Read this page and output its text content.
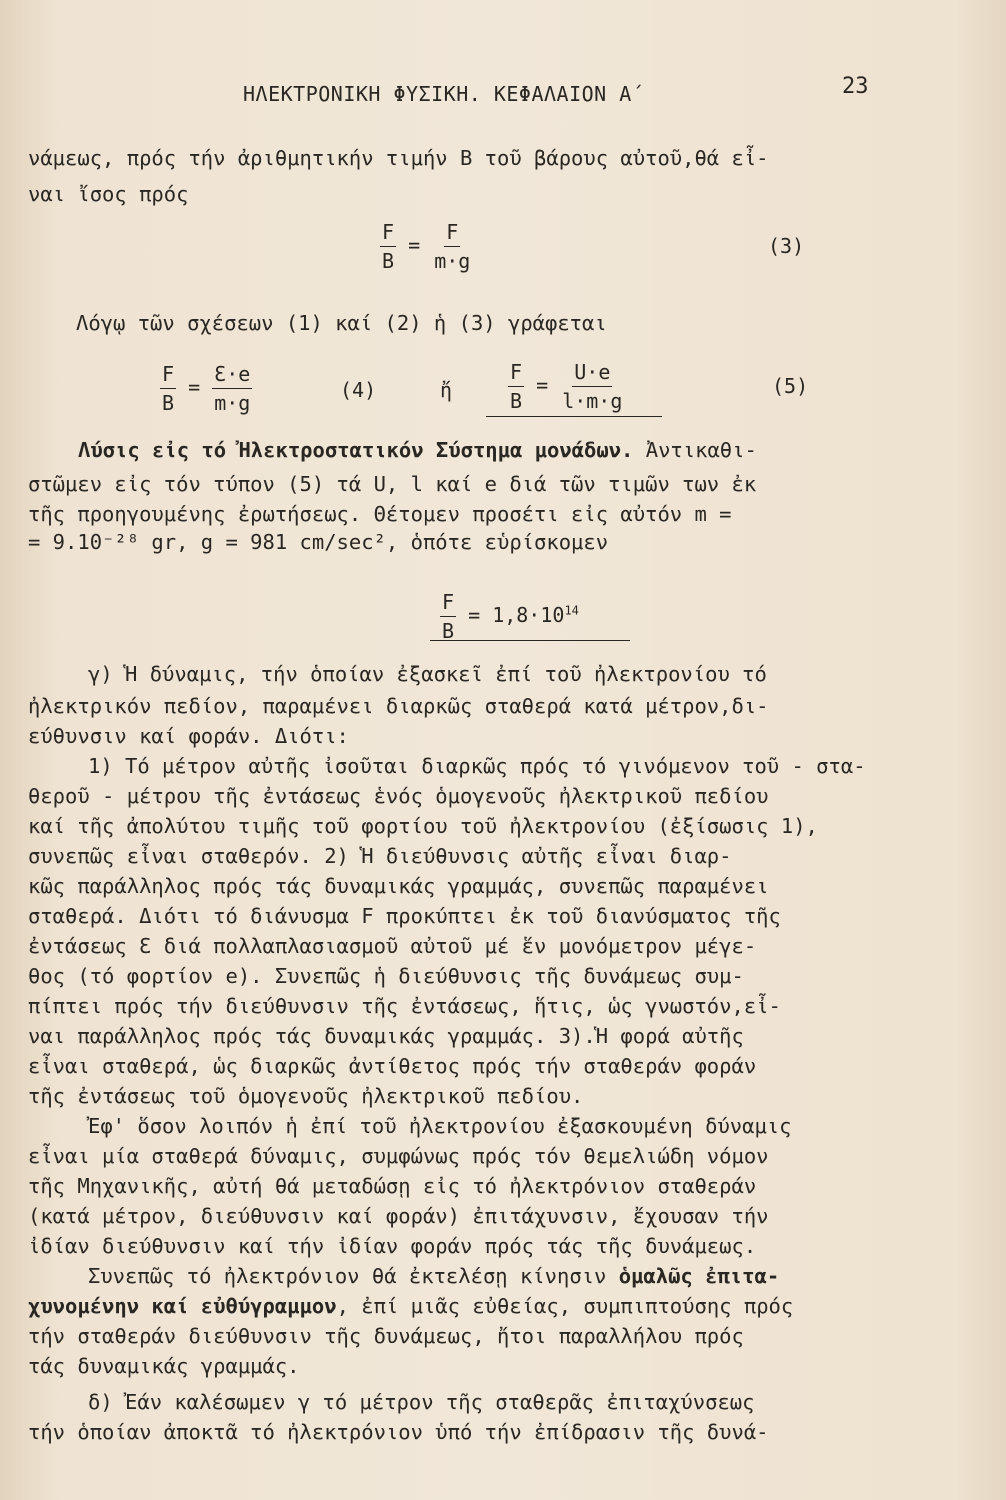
ΗΛΕΚΤΡΟΝΙΚΗ ΦΥΣΙΚΗ. ΚΕΦΑΛΑΙΟΝ Α΄	23
νάμεως, πρός τήν ἀριθμητικήν τιμήν Β τοῦ βάρους αὐτοῦ,θά εἶ-
ναι ἴσος πρός
$\frac{F}{B} = \frac{F}{m\cdot g}$	(3)
Λόγῳ τῶν σχέσεων (1) καί (2) ἡ (3) γράφεται
$\frac{F}{B} = \frac{Ɛ\cdot e}{m\cdot g}$	(4)	ἤ	$\frac{F}{B} = \frac{U\cdot e}{l\cdot m\cdot g}$	(5)
Λύσις εἰς τό Ἠλεκτροστατικόν Σύστημα μονάδων. Ἀντικαθι-
στῶμεν εἰς τόν τύπον (5) τά U, l καί e διά τῶν τιμῶν των ἐκ
τῆς προηγουμένης ἐρωτήσεως. Θέτομεν προσέτι εἰς αὐτόν m =
= 9.10⁻²⁸ gr, g = 981 cm/sec², ὁπότε εὑρίσκομεν
$\frac{F}{B} = 1,8\cdot 10^{14}$
γ) Ἡ δύναμις, τήν ὁποίαν ἐξασκεῖ ἐπί τοῦ ἠλεκτρονίου τό
ἠλεκτρικόν πεδίον, παραμένει διαρκῶς σταθερά κατά μέτρον,δι-
εύθυνσιν καί φοράν. Διότι:
1) Τό μέτρον αὐτῆς ἰσοῦται διαρκῶς πρός τό γινόμενον τοῦ - στα-
θεροῦ - μέτρου τῆς ἐντάσεως ἑνός ὁμογενοῦς ἠλεκτρικοῦ πεδίου
καί τῆς ἀπολύτου τιμῆς τοῦ φορτίου τοῦ ἠλεκτρονίου (ἐξίσωσις 1),
συνεπῶς εἶναι σταθερόν. 2) Ἡ διεύθυνσις αὐτῆς εἶναι διαρ-
κῶς παράλληλος πρός τάς δυναμικάς γραμμάς, συνεπῶς παραμένει
σταθερά. Διότι τό διάνυσμα F προκύπτει ἐκ τοῦ διανύσματος τῆς
ἐντάσεως Ɛ διά πολλαπλασιασμοῦ αὐτοῦ μέ ἕν μονόμετρον μέγε-
θος (τό φορτίον e). Συνεπῶς ἡ διεύθυνσις τῆς δυνάμεως συμ-
πίπτει πρός τήν διεύθυνσιν τῆς ἐντάσεως, ἥτις, ὡς γνωστόν,εἶ-
ναι παράλληλος πρός τάς δυναμικάς γραμμάς. 3).Ἡ φορά αὐτῆς
εἶναι σταθερά, ὡς διαρκῶς ἀντίθετος πρός τήν σταθεράν φοράν
τῆς ἐντάσεως τοῦ ὁμογενοῦς ἠλεκτρικοῦ πεδίου.
Ἐφ' ὅσον λοιπόν ἡ ἐπί τοῦ ἠλεκτρονίου ἐξασκουμένη δύναμις
εἶναι μία σταθερά δύναμις, συμφώνως πρός τόν θεμελιώδη νόμον
τῆς Μηχανικῆς, αὐτή θά μεταδώσῃ εἰς τό ἠλεκτρόνιον σταθεράν
(κατά μέτρον, διεύθυνσιν καί φοράν) ἐπιτάχυνσιν, ἔχουσαν τήν
ἰδίαν διεύθυνσιν καί τήν ἰδίαν φοράν πρός τάς τῆς δυνάμεως.
Συνεπῶς τό ἠλεκτρόνιον θά ἐκτελέσῃ κίνησιν ὁμαλῶς ἐπιτα-
χυνομένην καί εὐθύγραμμον, ἐπί μιᾶς εὐθείας, συμπιπτούσης πρός
τήν σταθεράν διεύθυνσιν τῆς δυνάμεως, ἤτοι παραλλήλου πρός
τάς δυναμικάς γραμμάς.
δ) Ἐάν καλέσωμεν γ τό μέτρον τῆς σταθερᾶς ἐπιταχύνσεως
τήν ὁποίαν ἀποκτᾶ τό ἠλεκτρόνιον ὑπό τήν ἐπίδρασιν τῆς δυνά-
